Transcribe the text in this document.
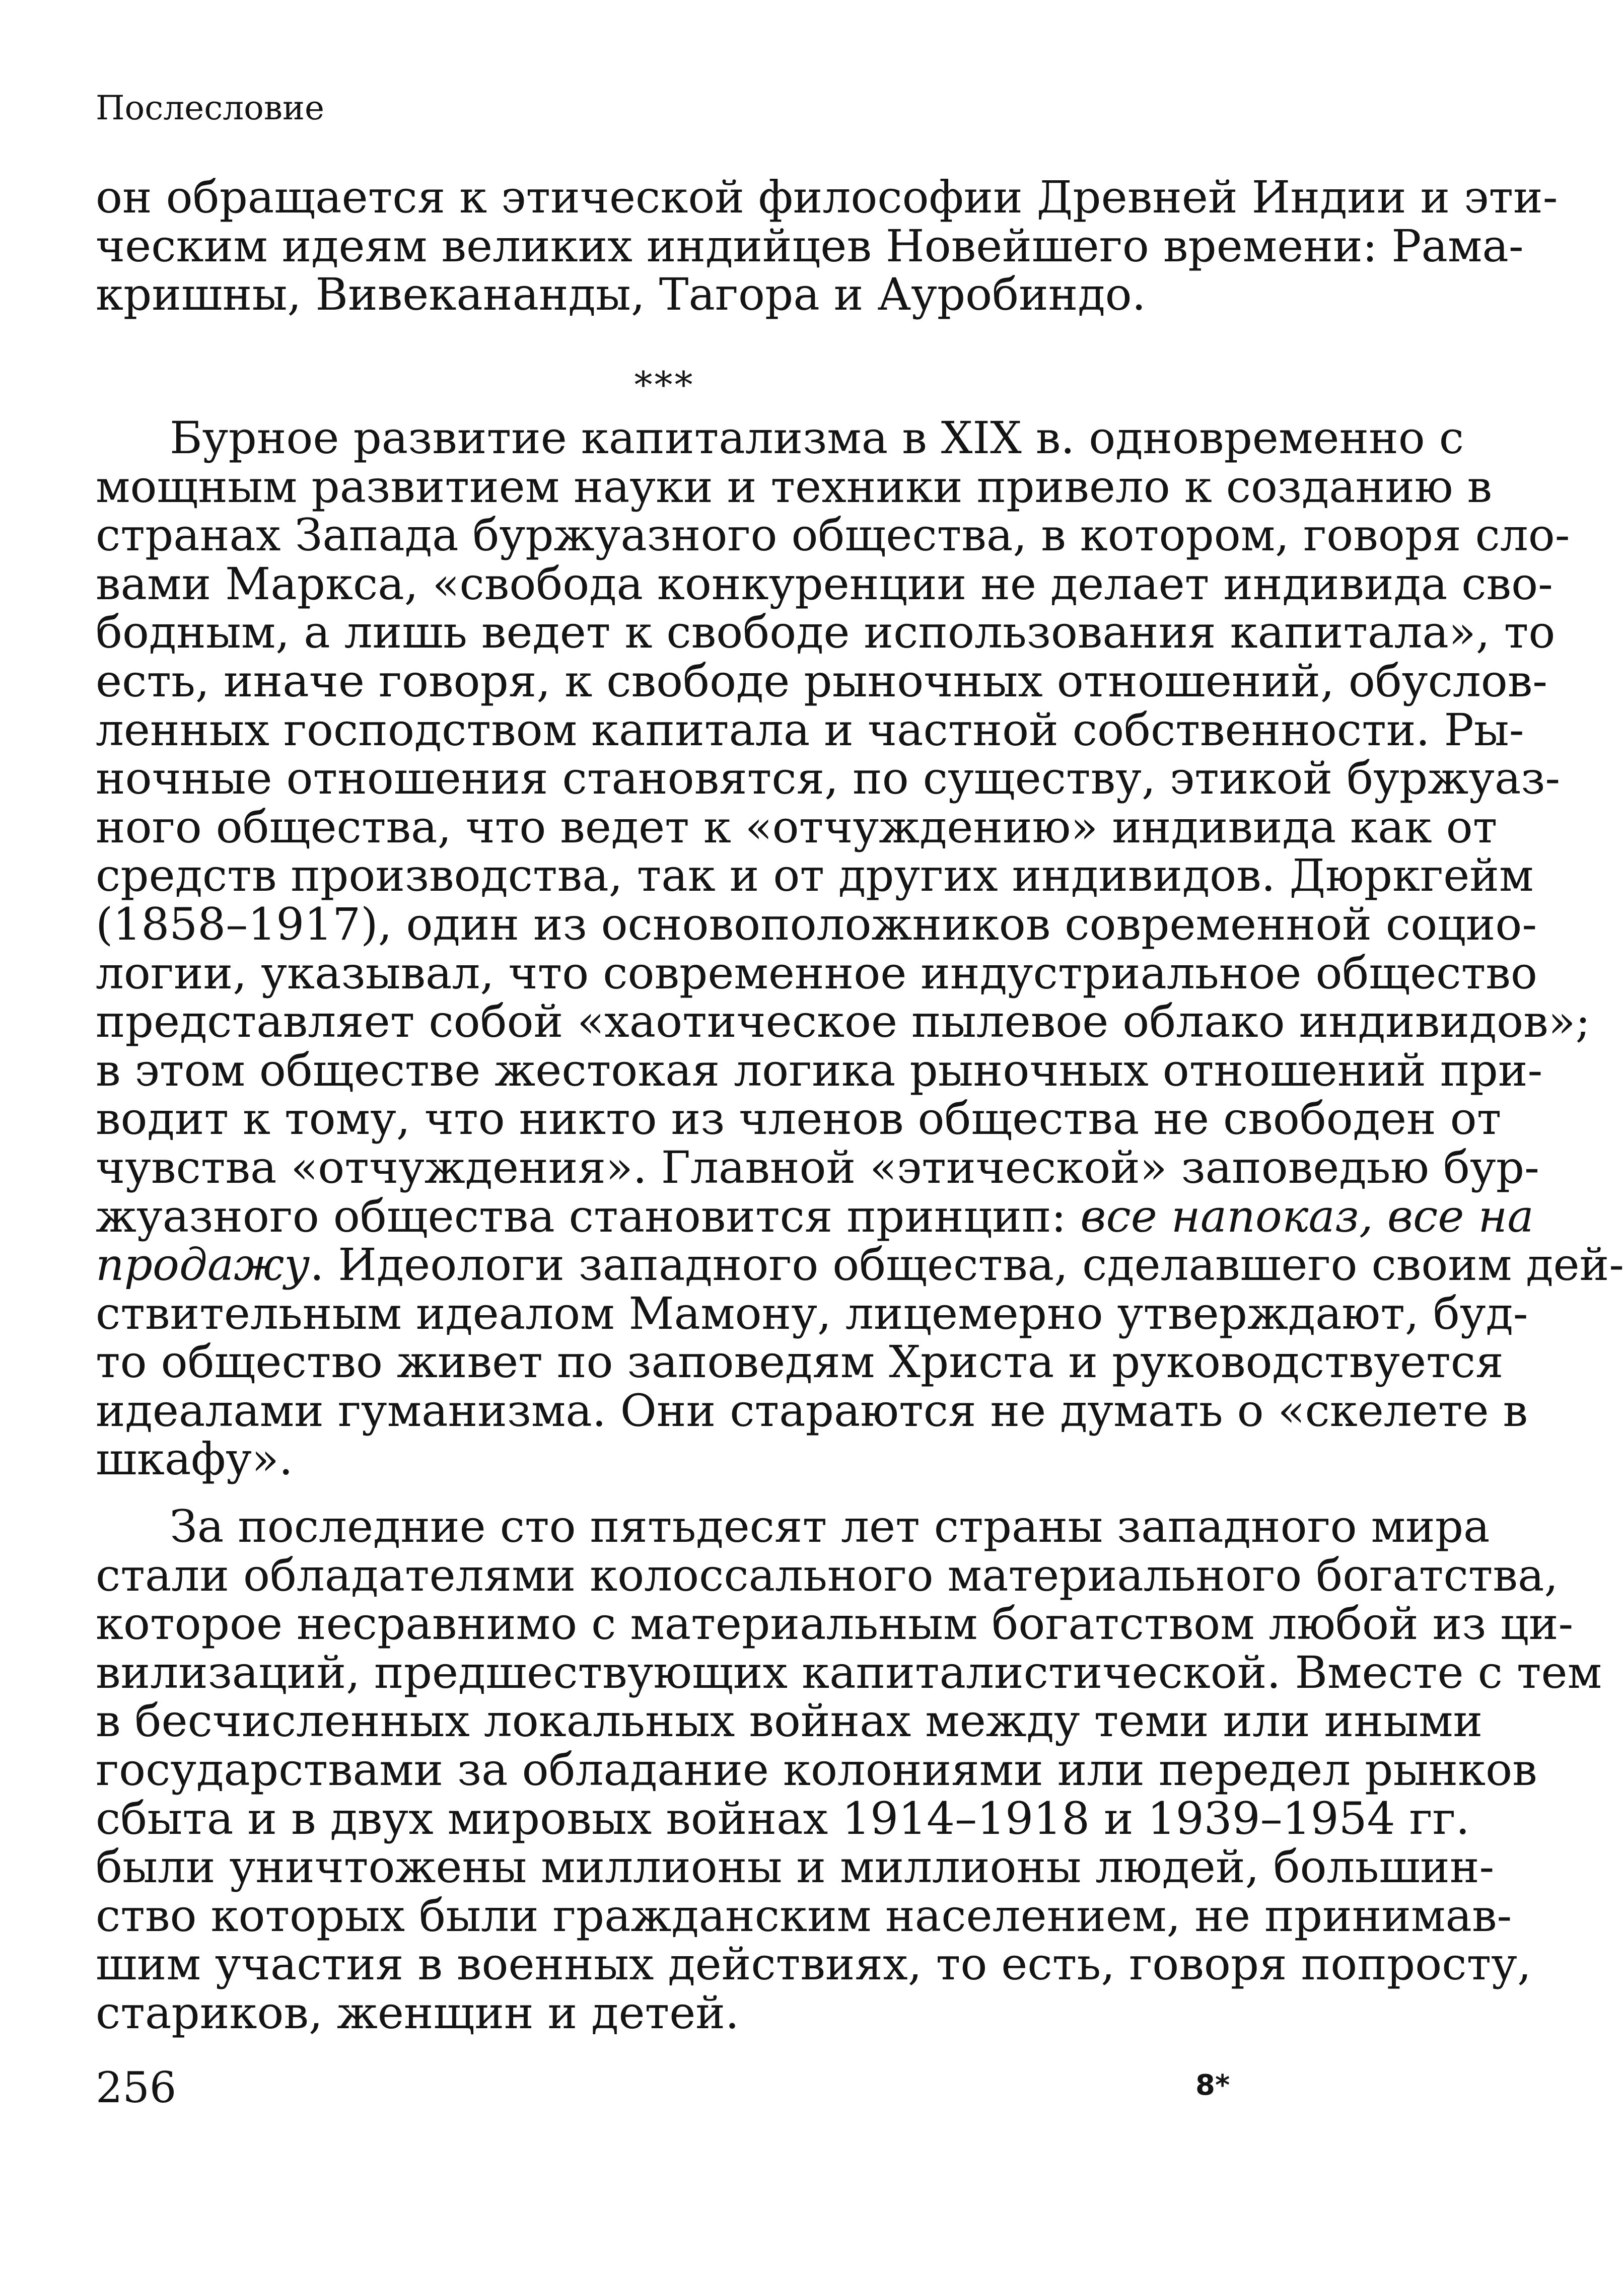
Послесловие
он обращается к этической философии Древней Индии и эти-
ческим идеям великих индийцев Новейшего времени: Рама-
кришны, Вивекананды, Тагора и Ауробиндо.
***
Бурное развитие капитализма в XIX в. одновременно с
мощным развитием науки и техники привело к созданию в
странах Запада буржуазного общества, в котором, говоря сло-
вами Маркса, «свобода конкуренции не делает индивида сво-
бодным, а лишь ведет к свободе использования капитала», то
есть, иначе говоря, к свободе рыночных отношений, обуслов-
ленных господством капитала и частной собственности. Ры-
ночные отношения становятся, по существу, этикой буржуаз-
ного общества, что ведет к «отчуждению» индивида как от
средств производства, так и от других индивидов. Дюркгейм
(1858–1917), один из основоположников современной социо-
логии, указывал, что современное индустриальное общество
представляет собой «хаотическое пылевое облако индивидов»;
в этом обществе жестокая логика рыночных отношений при-
водит к тому, что никто из членов общества не свободен от
чувства «отчуждения». Главной «этической» заповедью бур-
жуазного общества становится принцип: все напоказ, все на
продажу. Идеологи западного общества, сделавшего своим дей-
ствительным идеалом Мамону, лицемерно утверждают, буд-
то общество живет по заповедям Христа и руководствуется
идеалами гуманизма. Они стараются не думать о «скелете в
шкафу».
За последние сто пятьдесят лет страны западного мира
стали обладателями колоссального материального богатства,
которое несравнимо с материальным богатством любой из ци-
вилизаций, предшествующих капиталистической. Вместе с тем
в бесчисленных локальных войнах между теми или иными
государствами за обладание колониями или передел рынков
сбыта и в двух мировых войнах 1914–1918 и 1939–1954 гг.
были уничтожены миллионы и миллионы людей, большин-
ство которых были гражданским населением, не принимав-
шим участия в военных действиях, то есть, говоря попросту,
стариков, женщин и детей.
256	8*
